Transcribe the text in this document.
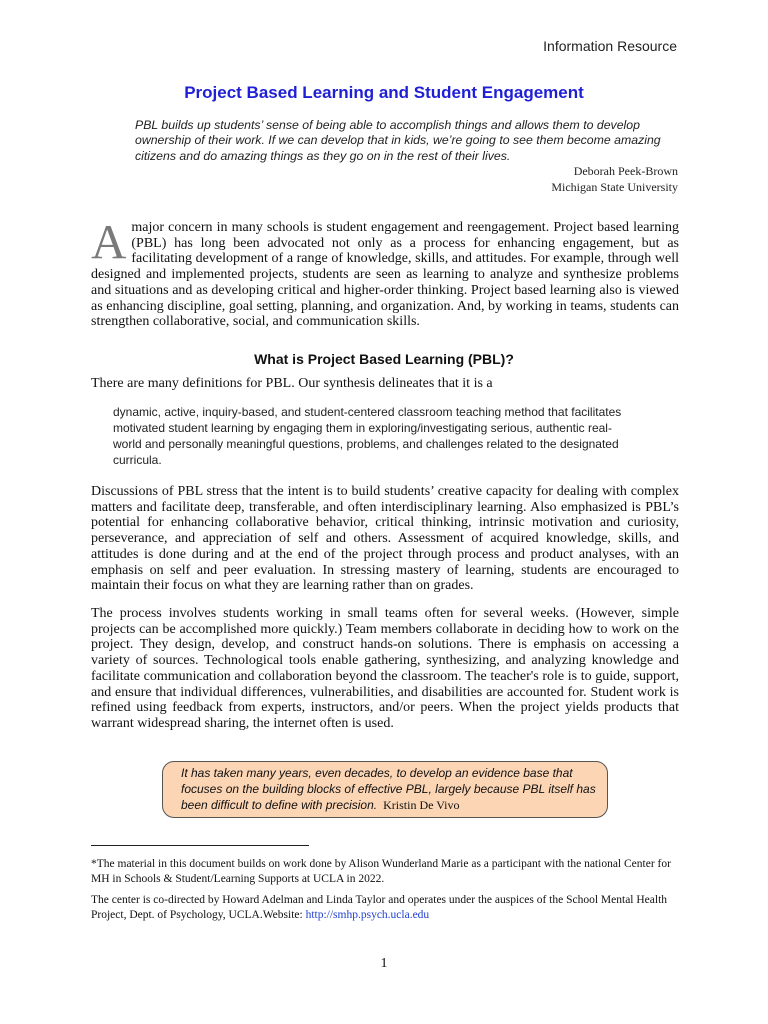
Information Resource
Project Based Learning and Student Engagement
PBL builds up students’ sense of being able to accomplish things and allows them to develop ownership of their work. If we can develop that in kids, we’re going to see them become amazing citizens and do amazing things as they go on in the rest of their lives.
Deborah Peek-Brown
Michigan State University
A major concern in many schools is student engagement and reengagement. Project based learning (PBL) has long been advocated not only as a process for enhancing engagement, but as facilitating development of a range of knowledge, skills, and attitudes. For example, through well designed and implemented projects, students are seen as learning to analyze and synthesize problems and situations and as developing critical and higher-order thinking. Project based learning also is viewed as enhancing discipline, goal setting, planning, and organization. And, by working in teams, students can strengthen collaborative, social, and communication skills.
What is Project Based Learning (PBL)?
There are many definitions for PBL. Our synthesis delineates that it is a
dynamic, active, inquiry-based, and student-centered classroom teaching method that facilitates motivated student learning by engaging them in exploring/investigating serious, authentic real-world and personally meaningful questions, problems, and challenges related to the designated curricula.
Discussions of PBL stress that the intent is to build students’ creative capacity for dealing with complex matters and facilitate deep, transferable, and often interdisciplinary learning. Also emphasized is PBL’s potential for enhancing collaborative behavior, critical thinking, intrinsic motivation and curiosity, perseverance, and appreciation of self and others. Assessment of acquired knowledge, skills, and attitudes is done during and at the end of the project through process and product analyses, with an emphasis on self and peer evaluation. In stressing mastery of learning, students are encouraged to maintain their focus on what they are learning rather than on grades.
The process involves students working in small teams often for several weeks. (However, simple projects can be accomplished more quickly.) Team members collaborate in deciding how to work on the project. They design, develop, and construct hands-on solutions. There is emphasis on accessing a variety of sources. Technological tools enable gathering, synthesizing, and analyzing knowledge and facilitate communication and collaboration beyond the classroom. The teacher's role is to guide, support, and ensure that individual differences, vulnerabilities, and disabilities are accounted for. Student work is refined using feedback from experts, instructors, and/or peers. When the project yields products that warrant widespread sharing, the internet often is used.
It has taken many years, even decades, to develop an evidence base that focuses on the building blocks of effective PBL, largely because PBL itself has been difficult to define with precision. Kristin De Vivo
*The material in this document builds on work done by Alison Wunderland Marie as a participant with the national Center for MH in Schools & Student/Learning Supports at UCLA in 2022.
The center is co-directed by Howard Adelman and Linda Taylor and operates under the auspices of the School Mental Health Project, Dept. of Psychology, UCLA.Website: http://smhp.psych.ucla.edu
1
